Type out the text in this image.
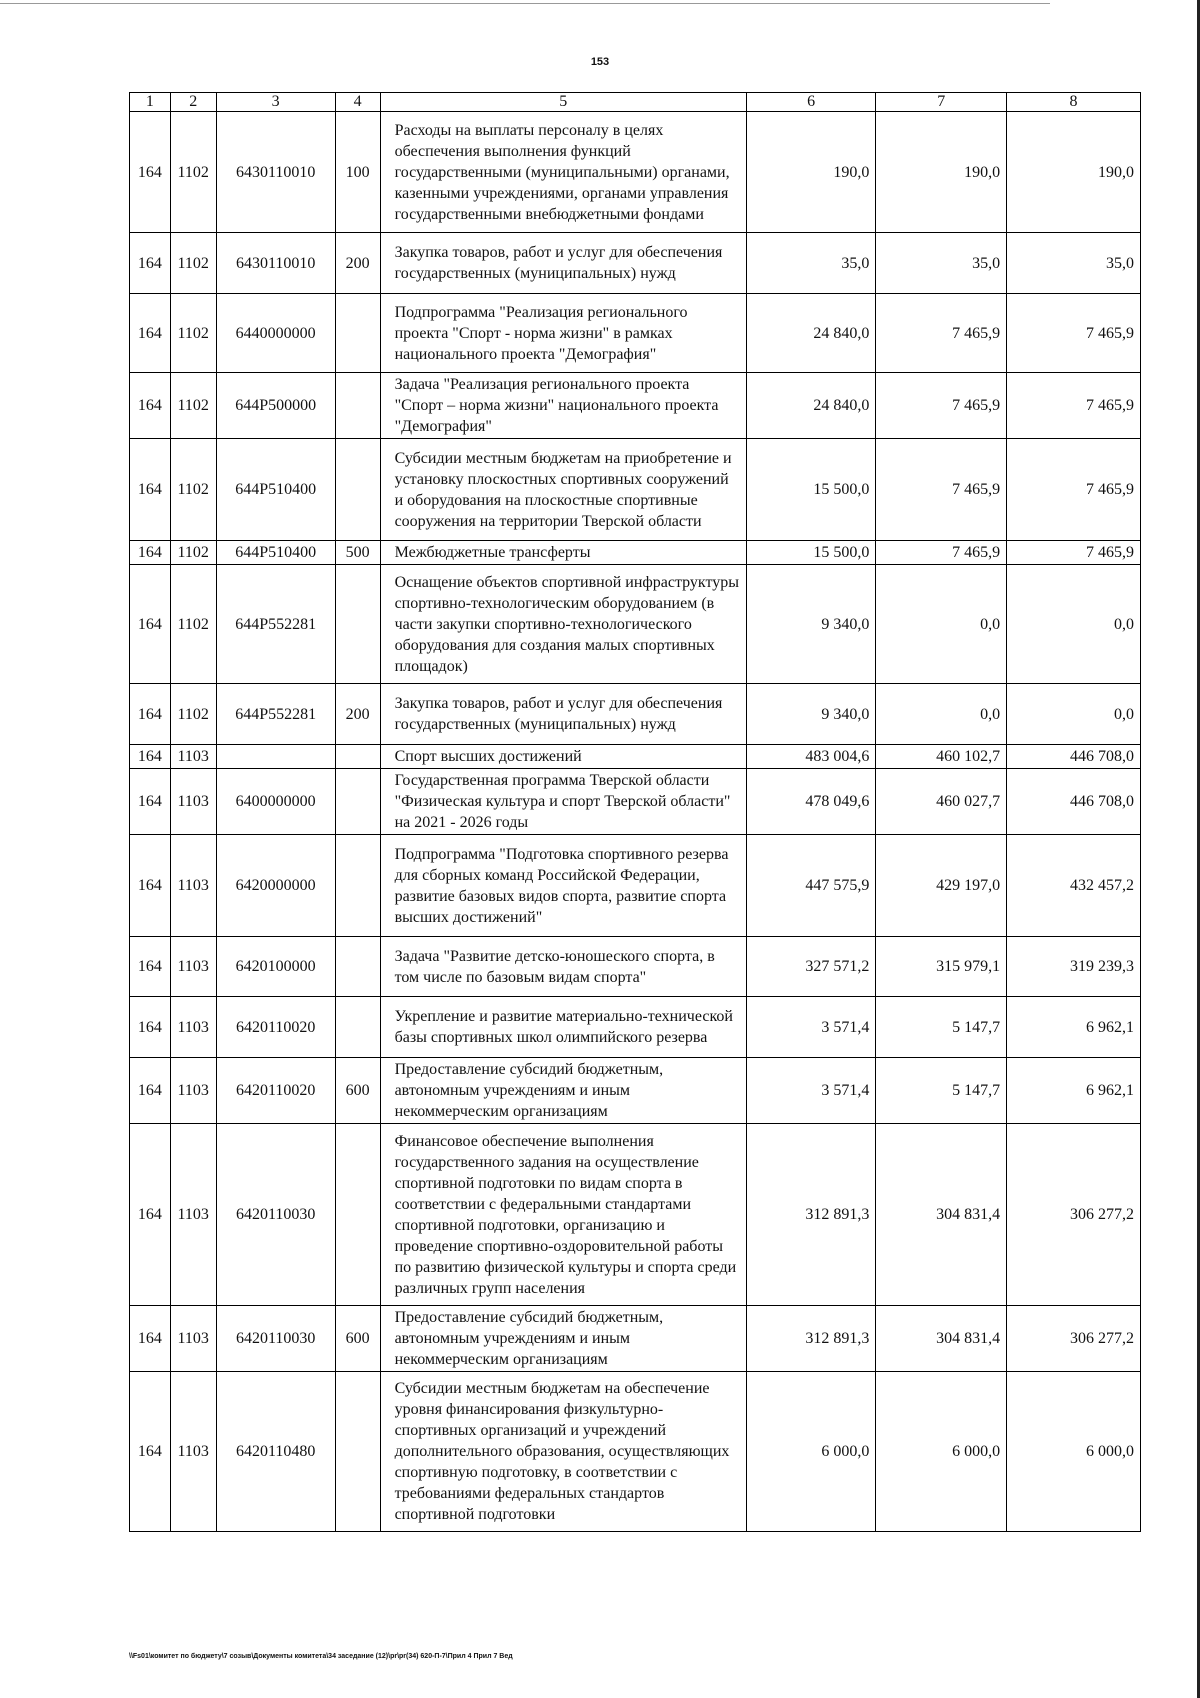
153
1	2	3	4	5	6	7	8
164	1102	6430110010	100	Расходы на выплаты персоналу в целях обеспечения выполнения функций государственными (муниципальными) органами, казенными учреждениями, органами управления государственными внебюджетными фондами	190,0	190,0	190,0
164	1102	6430110010	200	Закупка товаров, работ и услуг для обеспечения государственных (муниципальных) нужд	35,0	35,0	35,0
164	1102	6440000000		Подпрограмма "Реализация регионального проекта "Спорт - норма жизни" в рамках национального проекта "Демография"	24 840,0	7 465,9	7 465,9
164	1102	644P500000		Задача "Реализация регионального проекта "Спорт – норма жизни" национального проекта "Демография"	24 840,0	7 465,9	7 465,9
164	1102	644P510400		Субсидии местным бюджетам на приобретение и установку плоскостных спортивных сооружений и оборудования на плоскостные спортивные сооружения на территории Тверской области	15 500,0	7 465,9	7 465,9
164	1102	644P510400	500	Межбюджетные трансферты	15 500,0	7 465,9	7 465,9
164	1102	644P552281		Оснащение объектов спортивной инфраструктуры спортивно-технологическим оборудованием (в части закупки спортивно-технологического оборудования для создания малых спортивных площадок)	9 340,0	0,0	0,0
164	1102	644P552281	200	Закупка товаров, работ и услуг для обеспечения государственных (муниципальных) нужд	9 340,0	0,0	0,0
164	1103			Спорт высших достижений	483 004,6	460 102,7	446 708,0
164	1103	6400000000		Государственная программа Тверской области "Физическая культура и спорт Тверской области" на 2021 - 2026 годы	478 049,6	460 027,7	446 708,0
164	1103	6420000000		Подпрограмма "Подготовка спортивного резерва для сборных команд Российской Федерации, развитие базовых видов спорта, развитие спорта высших достижений"	447 575,9	429 197,0	432 457,2
164	1103	6420100000		Задача "Развитие детско-юношеского спорта, в том числе по базовым видам спорта"	327 571,2	315 979,1	319 239,3
164	1103	6420110020		Укрепление и развитие материально-технической базы спортивных школ олимпийского резерва	3 571,4	5 147,7	6 962,1
164	1103	6420110020	600	Предоставление субсидий бюджетным, автономным учреждениям и иным некоммерческим организациям	3 571,4	5 147,7	6 962,1
164	1103	6420110030		Финансовое обеспечение выполнения государственного задания на осуществление спортивной подготовки по видам спорта в соответствии с федеральными стандартами спортивной подготовки, организацию и проведение спортивно-оздоровительной работы по развитию физической культуры и спорта среди различных групп населения	312 891,3	304 831,4	306 277,2
164	1103	6420110030	600	Предоставление субсидий бюджетным, автономным учреждениям и иным некоммерческим организациям	312 891,3	304 831,4	306 277,2
164	1103	6420110480		Субсидии местным бюджетам на обеспечение уровня финансирования физкультурно-спортивных организаций и учреждений дополнительного образования, осуществляющих спортивную подготовку, в соответствии с требованиями федеральных стандартов спортивной подготовки	6 000,0	6 000,0	6 000,0
\\Fs01\комитет по бюджету\7 созыв\Документы комитета\34 заседание (12)\pr\pr(34) 620-П-7\Прил 4 Прил 7 Вед
